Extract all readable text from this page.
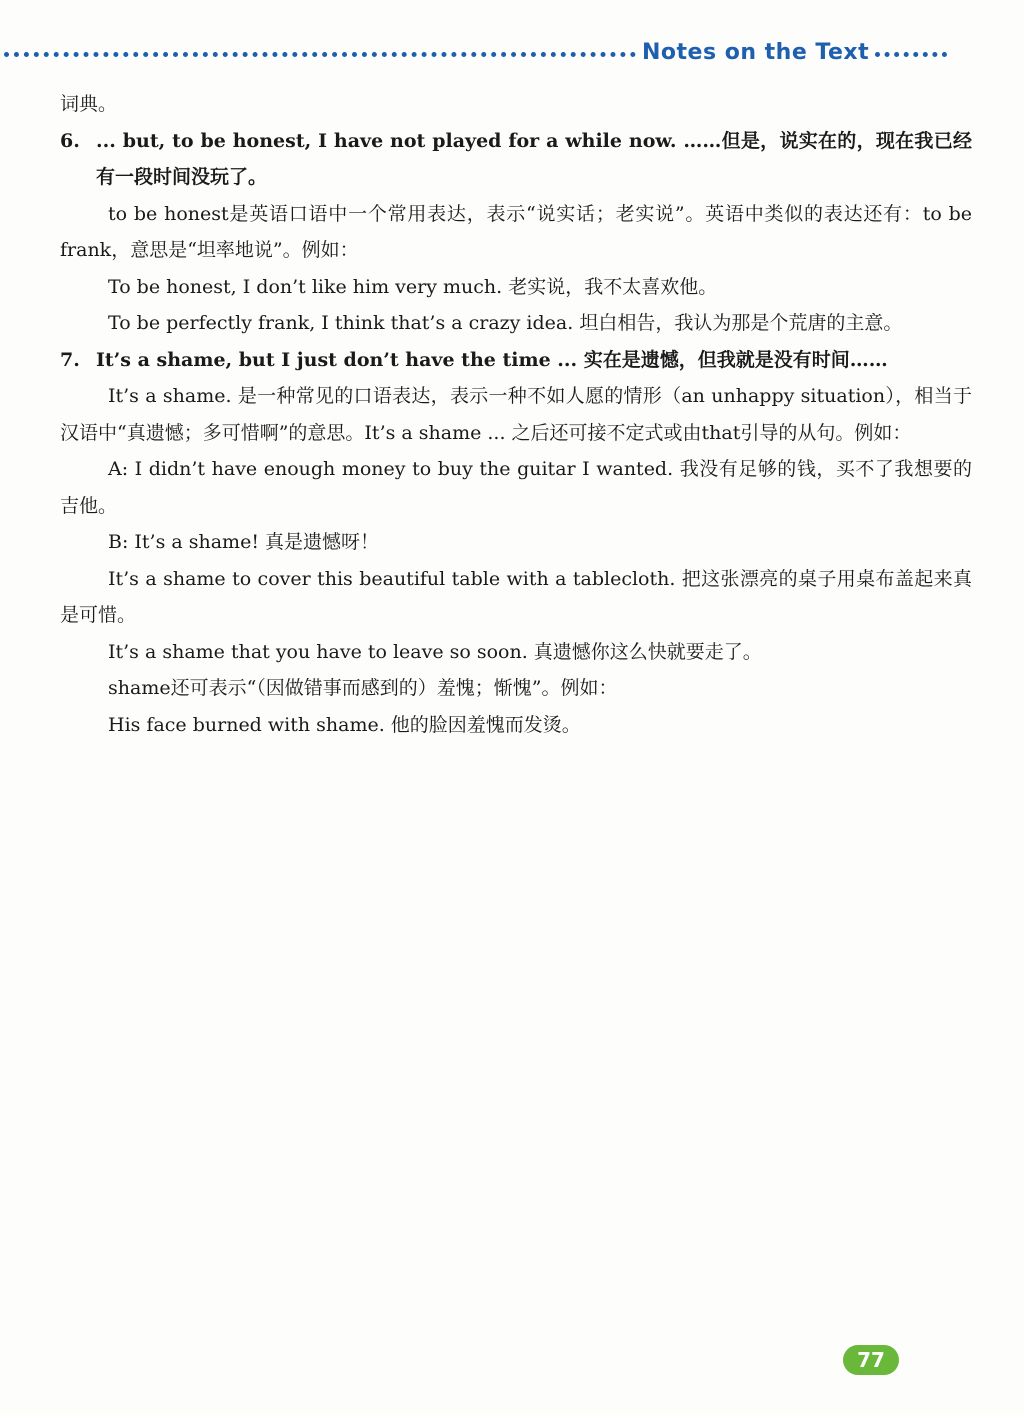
Notes on the Text

词典。

6. ... but, to be honest, I have not played for a while now. ……但是，说实在的，现在我已经有一段时间没玩了。

to be honest是英语口语中一个常用表达，表示“说实话；老实说”。英语中类似的表达还有：to be frank，意思是“坦率地说”。例如：

To be honest, I don’t like him very much. 老实说，我不太喜欢他。

To be perfectly frank, I think that’s a crazy idea. 坦白相告，我认为那是个荒唐的主意。

7. It’s a shame, but I just don’t have the time ... 实在是遗憾，但我就是没有时间……

It’s a shame. 是一种常见的口语表达，表示一种不如人愿的情形（an unhappy situation），相当于汉语中“真遗憾；多可惜啊”的意思。It’s a shame ... 之后还可接不定式或由that引导的从句。例如：

A: I didn’t have enough money to buy the guitar I wanted. 我没有足够的钱，买不了我想要的吉他。

B: It’s a shame! 真是遗憾呀！

It’s a shame to cover this beautiful table with a tablecloth. 把这张漂亮的桌子用桌布盖起来真是可惜。

It’s a shame that you have to leave so soon. 真遗憾你这么快就要走了。

shame还可表示“（因做错事而感到的）羞愧；惭愧”。例如：

His face burned with shame. 他的脸因羞愧而发烫。

77
